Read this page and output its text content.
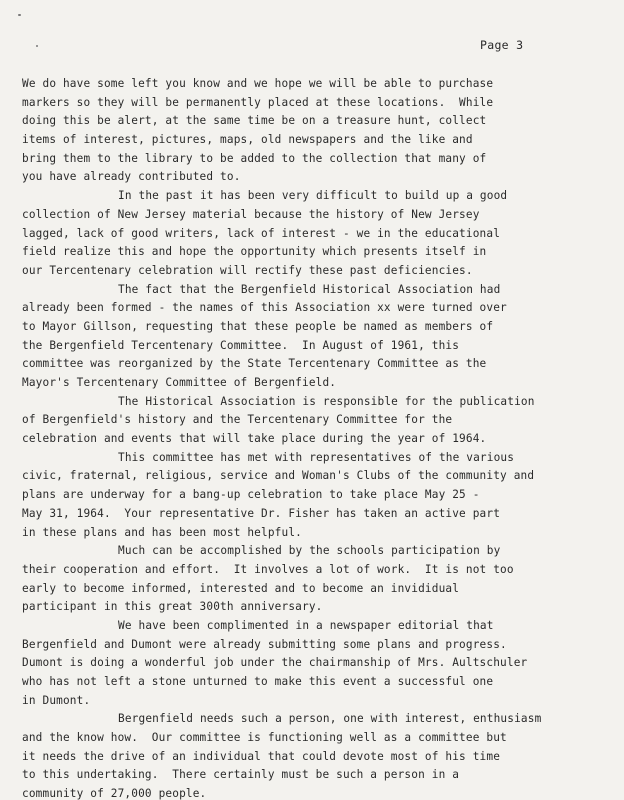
Page 3
We do have some left you know and we hope we will be able to purchase
markers so they will be permanently placed at these locations.  While
doing this be alert, at the same time be on a treasure hunt, collect
items of interest, pictures, maps, old newspapers and the like and
bring them to the library to be added to the collection that many of
you have already contributed to.
In the past it has been very difficult to build up a good
collection of New Jersey material because the history of New Jersey
lagged, lack of good writers, lack of interest - we in the educational
field realize this and hope the opportunity which presents itself in
our Tercentenary celebration will rectify these past deficiencies.
The fact that the Bergenfield Historical Association had
already been formed - the names of this Association xx were turned over
to Mayor Gillson, requesting that these people be named as members of
the Bergenfield Tercentenary Committee.  In August of 1961, this
committee was reorganized by the State Tercentenary Committee as the
Mayor's Tercentenary Committee of Bergenfield.
The Historical Association is responsible for the publication
of Bergenfield's history and the Tercentenary Committee for the
celebration and events that will take place during the year of 1964.
This committee has met with representatives of the various
civic, fraternal, religious, service and Woman's Clubs of the community and
plans are underway for a bang-up celebration to take place May 25 -
May 31, 1964.  Your representative Dr. Fisher has taken an active part
in these plans and has been most helpful.
Much can be accomplished by the schools participation by
their cooperation and effort.  It involves a lot of work.  It is not too
early to become informed, interested and to become an invididual
participant in this great 300th anniversary.
We have been complimented in a newspaper editorial that
Bergenfield and Dumont were already submitting some plans and progress.
Dumont is doing a wonderful job under the chairmanship of Mrs. Aultschuler
who has not left a stone unturned to make this event a successful one
in Dumont.
Bergenfield needs such a person, one with interest, enthusiasm
and the know how.  Our committee is functioning well as a committee but
it needs the drive of an individual that could devote most of his time
to this undertaking.  There certainly must be such a person in a
community of 27,000 people.
